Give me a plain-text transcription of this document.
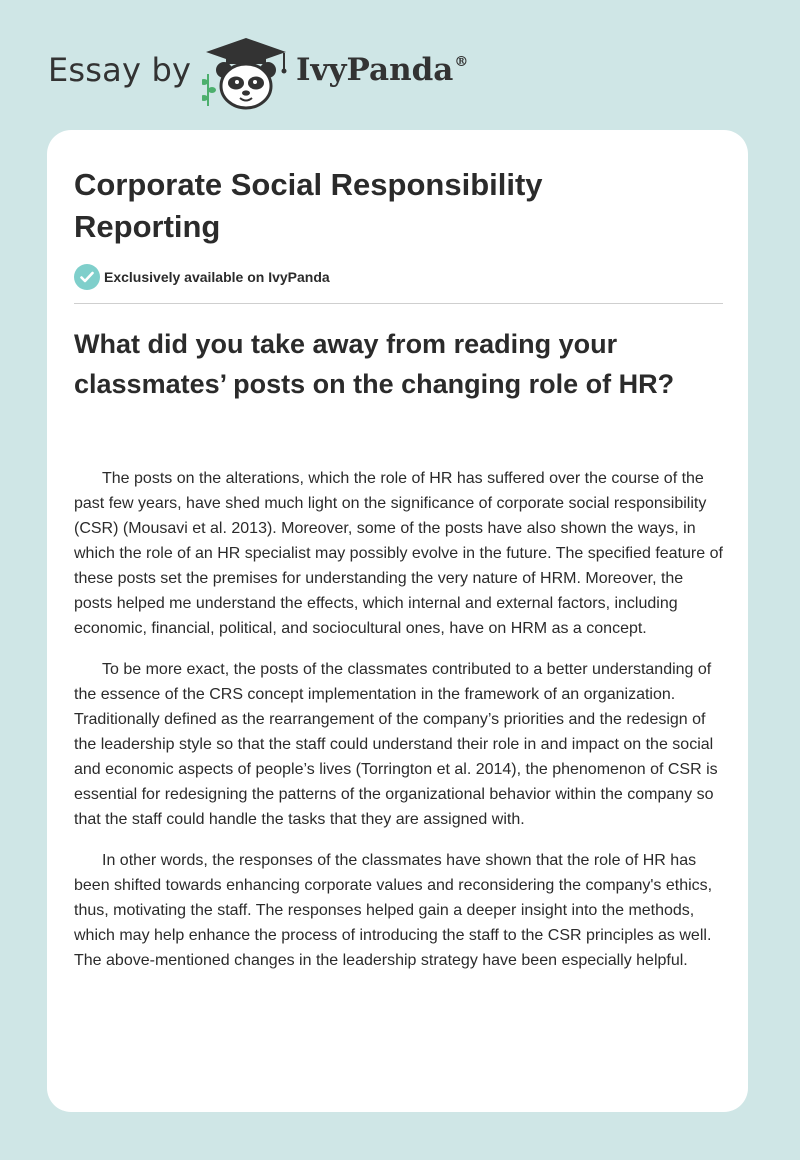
Essay by	IvyPanda®
Corporate Social Responsibility Reporting
Exclusively available on IvyPanda
What did you take away from reading your classmates’ posts on the changing role of HR?

The posts on the alterations, which the role of HR has suffered over the course of the past few years, have shed much light on the significance of corporate social responsibility (CSR) (Mousavi et al. 2013). Moreover, some of the posts have also shown the ways, in which the role of an HR specialist may possibly evolve in the future. The specified feature of these posts set the premises for understanding the very nature of HRM. Moreover, the posts helped me understand the effects, which internal and external factors, including economic, financial, political, and sociocultural ones, have on HRM as a concept.

To be more exact, the posts of the classmates contributed to a better understanding of the essence of the CRS concept implementation in the framework of an organization. Traditionally defined as the rearrangement of the company’s priorities and the redesign of the leadership style so that the staff could understand their role in and impact on the social and economic aspects of people’s lives (Torrington et al. 2014), the phenomenon of CSR is essential for redesigning the patterns of the organizational behavior within the company so that the staff could handle the tasks that they are assigned with.

In other words, the responses of the classmates have shown that the role of HR has been shifted towards enhancing corporate values and reconsidering the company's ethics, thus, motivating the staff. The responses helped gain a deeper insight into the methods, which may help enhance the process of introducing the staff to the CSR principles as well. The above-mentioned changes in the leadership strategy have been especially helpful.
